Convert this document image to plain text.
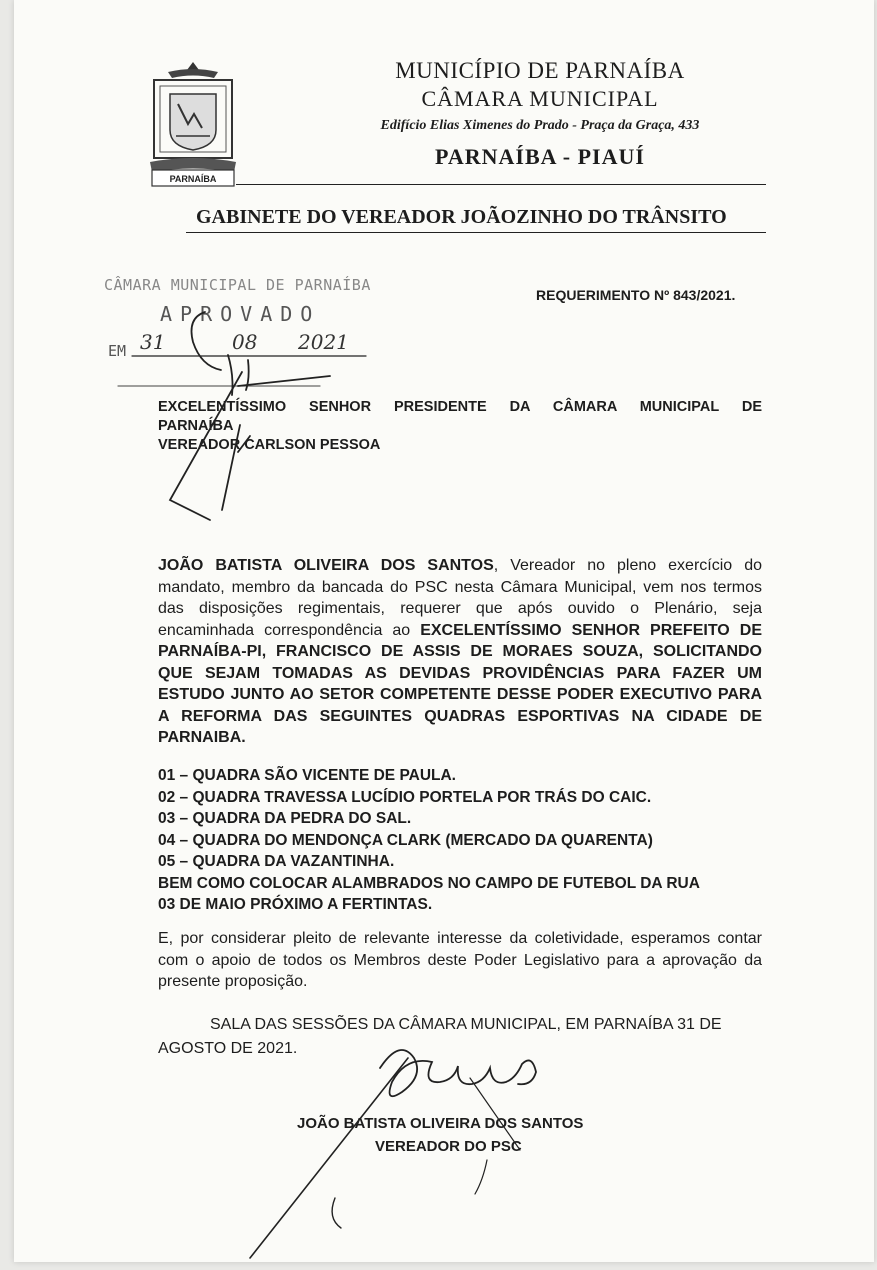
PARNAÍBA
MUNICÍPIO DE PARNAÍBA
CÂMARA MUNICIPAL
Edifício Elias Ximenes do Prado - Praça da Graça, 433
PARNAÍBA - PIAUÍ
GABINETE DO VEREADOR JOÃOZINHO DO TRÂNSITO
CÂMARA MUNICIPAL DE PARNAÍBA
APROVADO
EM 31	08 2021
REQUERIMENTO Nº 843/2021.
EXCELENTÍSSIMO SENHOR PRESIDENTE DA CÂMARA MUNICIPAL DE
PARNAÍBA
VEREADOR CARLSON PESSOA
JOÃO BATISTA OLIVEIRA DOS SANTOS, Vereador no pleno exercício do mandato, membro da bancada do PSC nesta Câmara Municipal, vem nos termos das disposições regimentais, requerer que após ouvido o Plenário, seja encaminhada correspondência ao EXCELENTÍSSIMO SENHOR PREFEITO DE PARNAÍBA-PI, FRANCISCO DE ASSIS DE MORAES SOUZA, SOLICITANDO QUE SEJAM TOMADAS AS DEVIDAS PROVIDÊNCIAS PARA FAZER UM ESTUDO JUNTO AO SETOR COMPETENTE DESSE PODER EXECUTIVO PARA A REFORMA DAS SEGUINTES QUADRAS ESPORTIVAS NA CIDADE DE PARNAIBA.
01 – QUADRA SÃO VICENTE DE PAULA.
02 – QUADRA TRAVESSA LUCÍDIO PORTELA POR TRÁS DO CAIC.
03 – QUADRA DA PEDRA DO SAL.
04 – QUADRA DO MENDONÇA CLARK (MERCADO DA QUARENTA)
05 – QUADRA DA VAZANTINHA.
BEM COMO COLOCAR ALAMBRADOS NO CAMPO DE FUTEBOL DA RUA
03 DE MAIO PRÓXIMO A FERTINTAS.
E, por considerar pleito de relevante interesse da coletividade, esperamos contar com o apoio de todos os Membros deste Poder Legislativo para a aprovação da presente proposição.
SALA DAS SESSÕES DA CÂMARA MUNICIPAL, EM PARNAÍBA 31 DE
AGOSTO DE 2021.
JOÃO BATISTA OLIVEIRA DOS SANTOS
VEREADOR DO PSC
